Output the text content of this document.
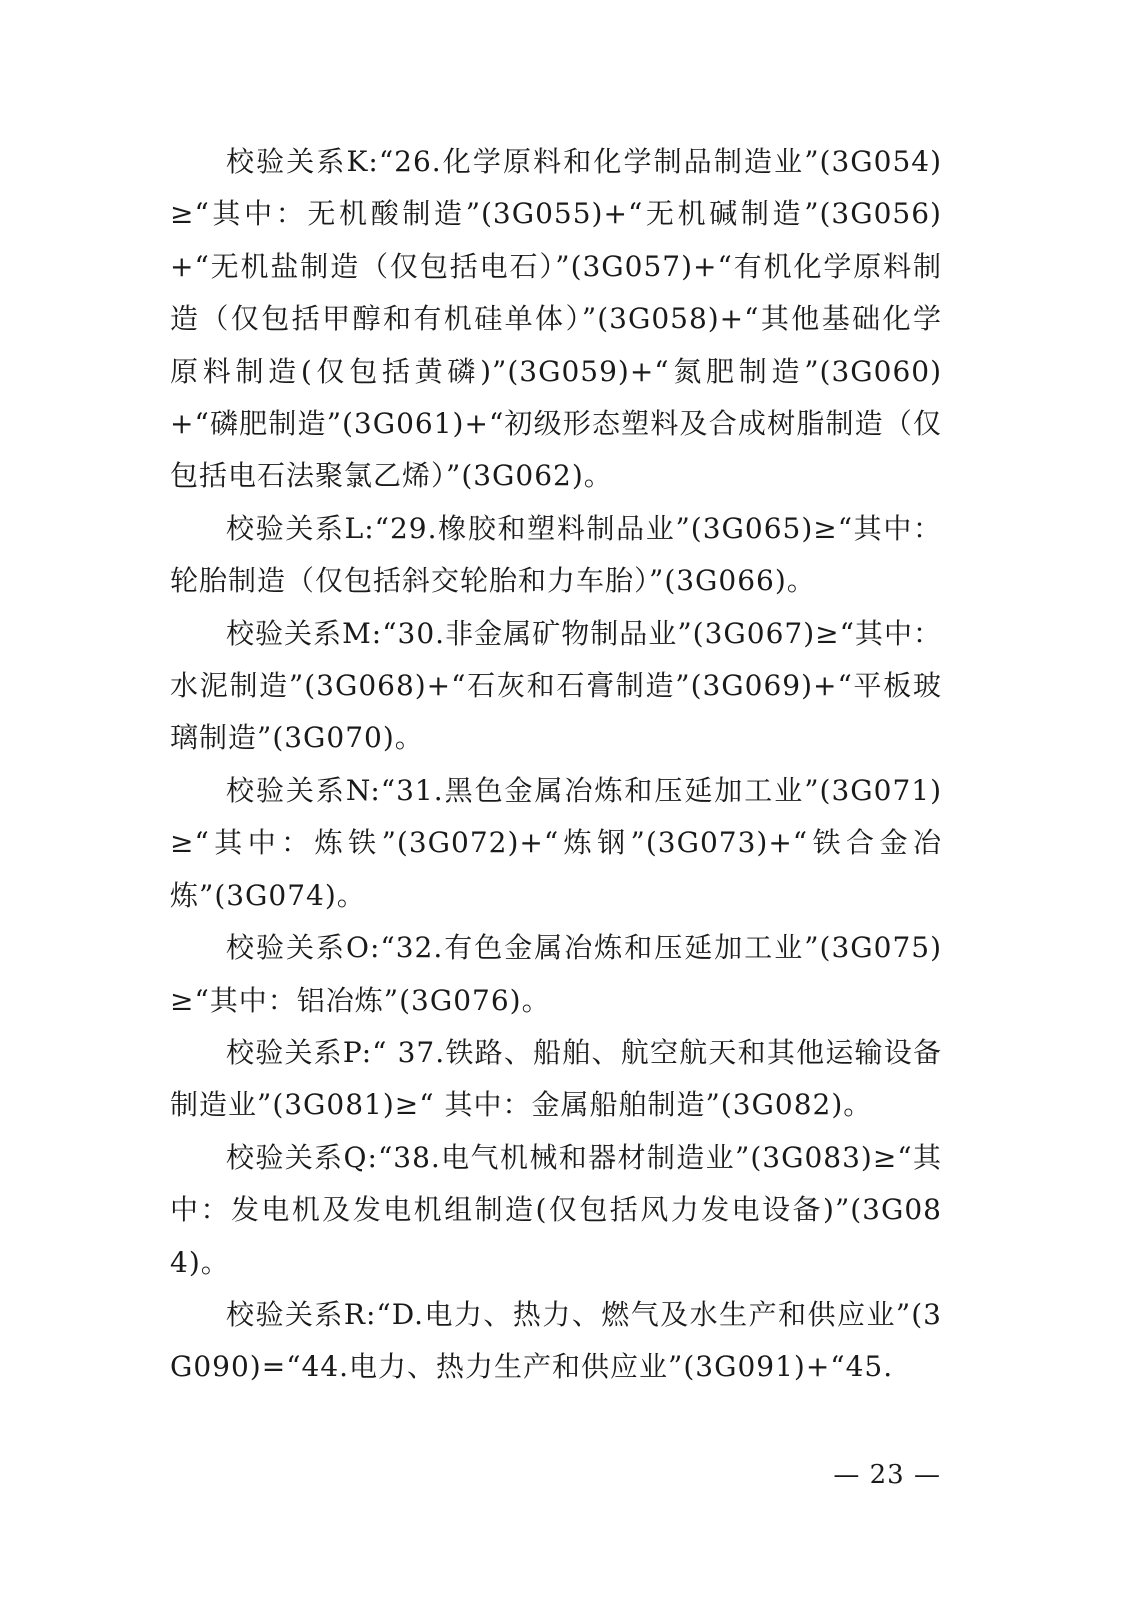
校验关系K:“26.化学原料和化学制品制造业”(3G054)≥“其中：无机酸制造”(3G055)+“无机碱制造”(3G056)+“无机盐制造（仅包括电石）”(3G057)+“有机化学原料制造（仅包括甲醇和有机硅单体）”(3G058)+“其他基础化学原料制造(仅包括黄磷)”(3G059)+“氮肥制造”(3G060)+“磷肥制造”(3G061)+“初级形态塑料及合成树脂制造（仅包括电石法聚氯乙烯）”(3G062)。

校验关系L:“29.橡胶和塑料制品业”(3G065)≥“其中：轮胎制造（仅包括斜交轮胎和力车胎）”(3G066)。

校验关系M:“30.非金属矿物制品业”(3G067)≥“其中：水泥制造”(3G068)+“石灰和石膏制造”(3G069)+“平板玻璃制造”(3G070)。

校验关系N:“31.黑色金属冶炼和压延加工业”(3G071)≥“其中：炼铁”(3G072)+“炼钢”(3G073)+“铁合金冶炼”(3G074)。

校验关系O:“32.有色金属冶炼和压延加工业”(3G075)≥“其中：铝冶炼”(3G076)。

校验关系P:“ 37.铁路、船舶、航空航天和其他运输设备制造业”(3G081)≥“ 其中：金属船舶制造”(3G082)。

校验关系Q:“38.电气机械和器材制造业”(3G083)≥“其中：发电机及发电机组制造(仅包括风力发电设备)”(3G084)。

校验关系R:“D.电力、热力、燃气及水生产和供应业”(3G090)=“44.电力、热力生产和供应业”(3G091)+“45.

— 23 —
